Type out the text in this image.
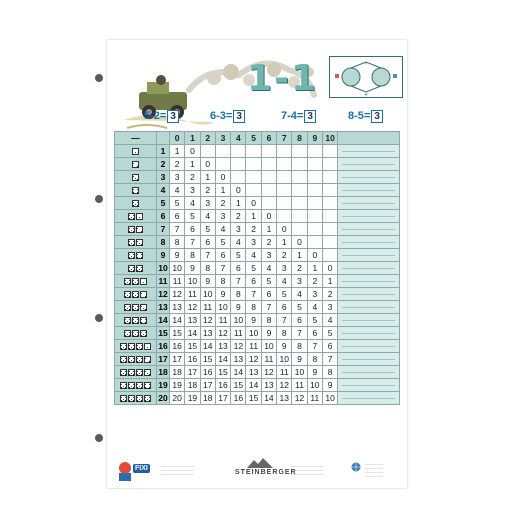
1-1	-
+
5-2= 3	6-3= 3	7-4= 3	8-5= 3
—		0	1	2	3	4	5	6	7	8	9	10	

	1	1	0										

	2	2	1	0									

	3	3	2	1	0								

	4	4	3	2	1	0							

	5	5	4	3	2	1	0						

	6	6	5	4	3	2	1	0					

	7	7	6	5	4	3	2	1	0				

	8	8	7	6	5	4	3	2	1	0			

	9	9	8	7	6	5	4	3	2	1	0		

	10	10	9	8	7	6	5	4	3	2	1	0	

	11	11	10	9	8	7	6	5	4	3	2	1	

	12	12	11	10	9	8	7	6	5	4	3	2	

	13	13	12	11	10	9	8	7	6	5	4	3	

	14	14	13	12	11	10	9	8	7	6	5	4	

	15	15	14	13	12	11	10	9	8	7	6	5	

	16	16	15	14	13	12	11	10	9	8	7	6	

	17	17	16	15	14	13	12	11	10	9	8	7	

	18	18	17	16	15	14	13	12	11	10	9	8	

	19	19	18	17	16	15	14	13	12	11	10	9	

	20	20	19	18	17	16	15	14	13	12	11	10	
FIXI	———————————
———————————
———————————	STEINBERGER
———————————
———————————
———————————
——————
——————
——————
——————
